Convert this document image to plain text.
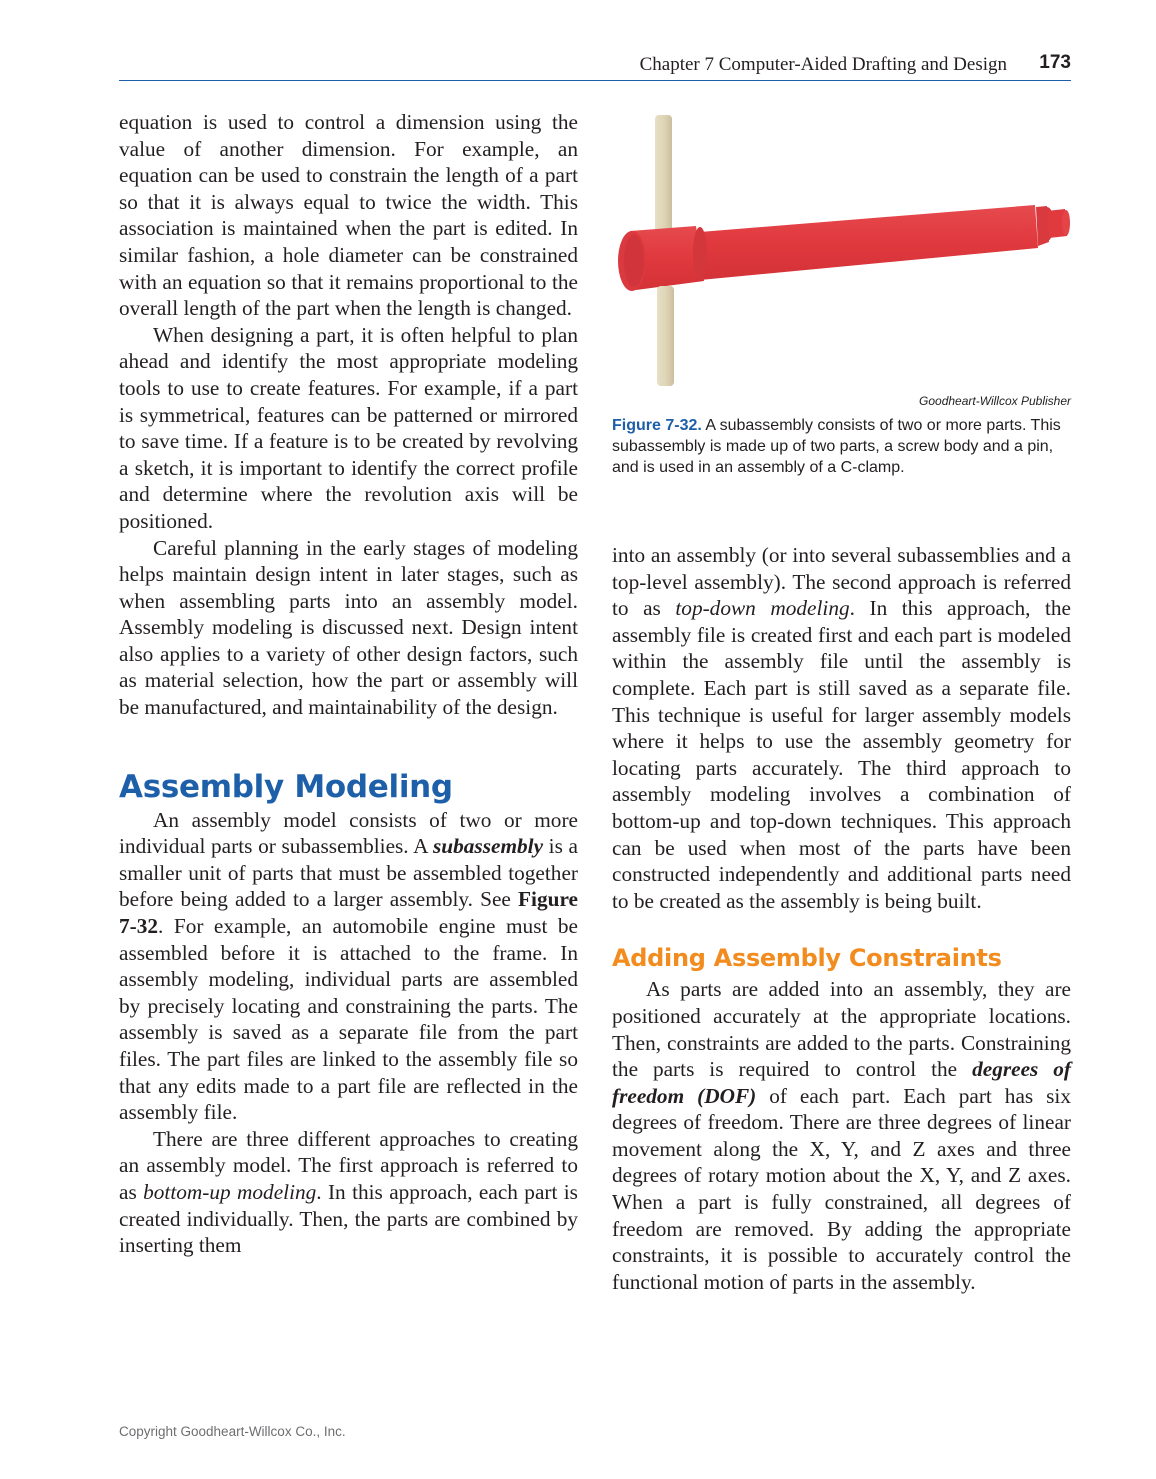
Chapter 7 Computer-Aided Drafting and Design 173

equation is used to control a dimension using the value of another dimension. For example, an equation can be used to constrain the length of a part so that it is always equal to twice the width. This association is maintained when the part is edited. In similar fashion, a hole diameter can be constrained with an equation so that it remains proportional to the overall length of the part when the length is changed.

When designing a part, it is often helpful to plan ahead and identify the most appropriate modeling tools to use to create features. For example, if a part is symmetrical, features can be patterned or mirrored to save time. If a feature is to be created by revolving a sketch, it is important to identify the correct profile and determine where the revolution axis will be positioned.

Careful planning in the early stages of modeling helps maintain design intent in later stages, such as when assembling parts into an assembly model. Assembly modeling is discussed next. Design intent also applies to a variety of other design factors, such as material selection, how the part or assembly will be manufactured, and maintainability of the design.

Assembly Modeling

An assembly model consists of two or more individual parts or subassemblies. A subassembly is a smaller unit of parts that must be assembled together before being added to a larger assembly. See Figure 7-32. For example, an automobile engine must be assembled before it is attached to the frame. In assembly modeling, individual parts are assembled by precisely locating and constraining the parts. The assembly is saved as a separate file from the part files. The part files are linked to the assembly file so that any edits made to a part file are reflected in the assembly file.

There are three different approaches to creating an assembly model. The first approach is referred to as bottom-up modeling. In this approach, each part is created individually. Then, the parts are combined by inserting them

Goodheart-Willcox Publisher
Figure 7-32. A subassembly consists of two or more parts. This subassembly is made up of two parts, a screw body and a pin, and is used in an assembly of a C-clamp.

into an assembly (or into several subassemblies and a top-level assembly). The second approach is referred to as top-down modeling. In this approach, the assembly file is created first and each part is modeled within the assembly file until the assembly is complete. Each part is still saved as a separate file. This technique is useful for larger assembly models where it helps to use the assembly geometry for locating parts accurately. The third approach to assembly modeling involves a combination of bottom-up and top-down techniques. This approach can be used when most of the parts have been constructed independently and additional parts need to be created as the assembly is being built.

Adding Assembly Constraints

As parts are added into an assembly, they are positioned accurately at the appropriate locations. Then, constraints are added to the parts. Constraining the parts is required to control the degrees of freedom (DOF) of each part. Each part has six degrees of freedom. There are three degrees of linear movement along the X, Y, and Z axes and three degrees of rotary motion about the X, Y, and Z axes. When a part is fully constrained, all degrees of freedom are removed. By adding the appropriate constraints, it is possible to accurately control the functional motion of parts in the assembly.

Copyright Goodheart-Willcox Co., Inc.
